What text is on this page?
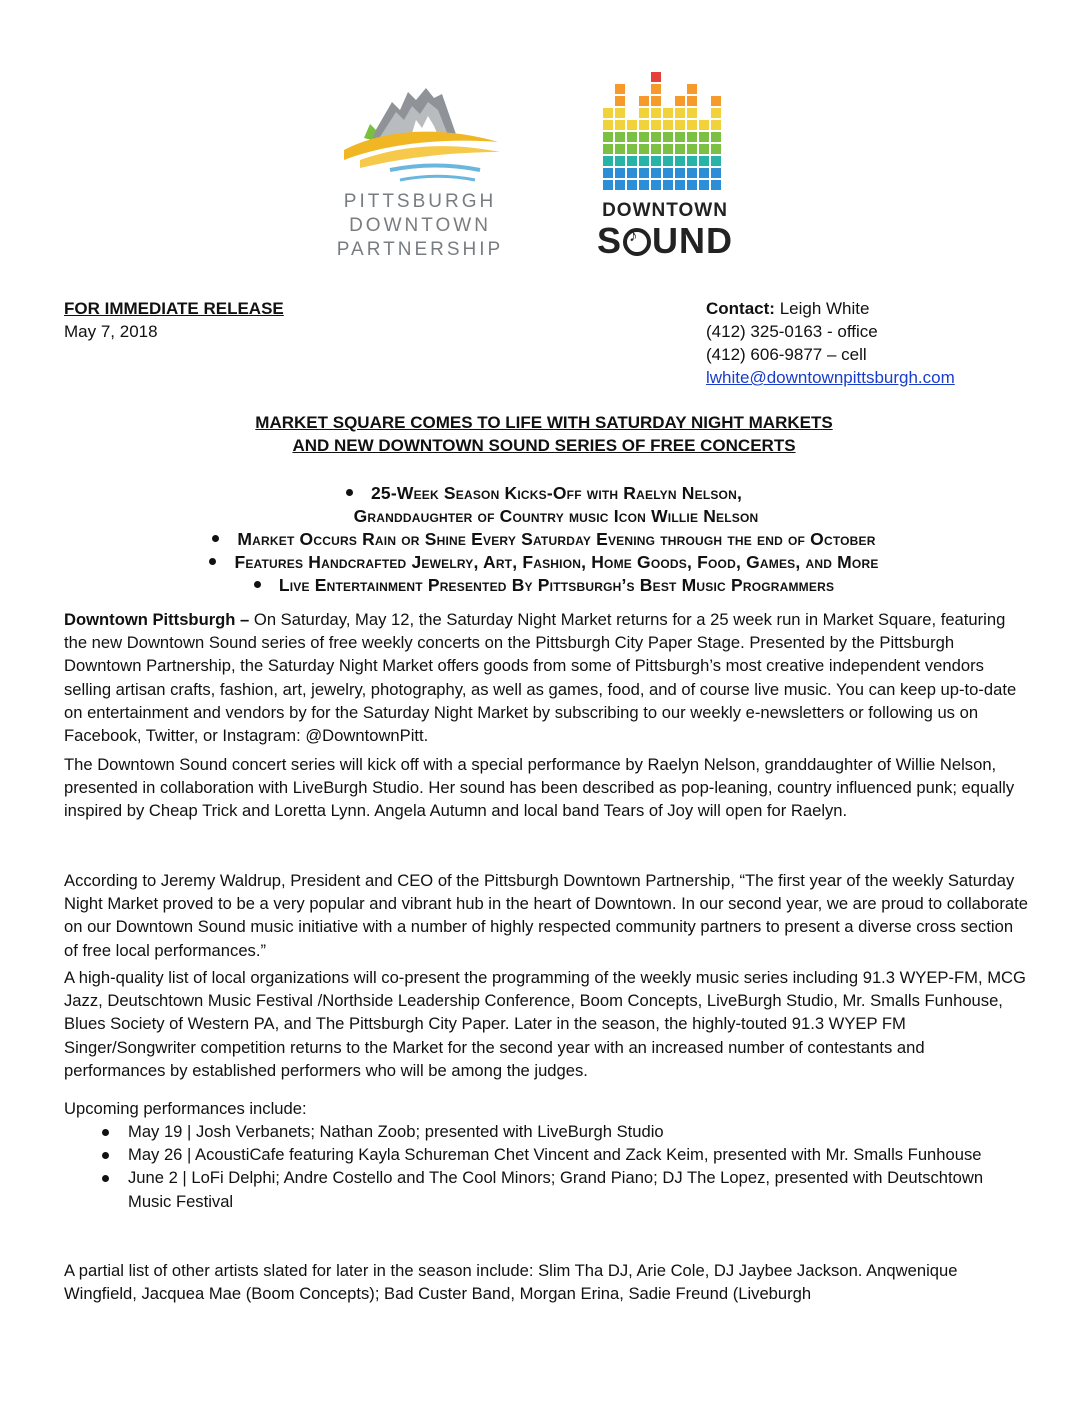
PITTSBURGH
DOWNTOWN
PARTNERSHIP
DOWNTOWN
S ♪ UND
FOR IMMEDIATE RELEASE
May 7, 2018
Contact: Leigh White
(412) 325-0163 - office
(412) 606-9877 – cell
lwhite@downtownpittsburgh.com
MARKET SQUARE COMES TO LIFE WITH SATURDAY NIGHT MARKETS
AND NEW DOWNTOWN SOUND SERIES OF FREE CONCERTS
25-Week Season Kicks-Off with Raelyn Nelson,
Granddaughter of Country music Icon Willie Nelson
Market Occurs Rain or Shine Every Saturday Evening through the end of October
Features Handcrafted Jewelry, Art, Fashion, Home Goods, Food, Games, and More
Live Entertainment Presented By Pittsburgh’s Best Music Programmers

Downtown Pittsburgh – On Saturday, May 12, the Saturday Night Market returns for a 25 week run in Market Square, featuring the new Downtown Sound series of free weekly concerts on the Pittsburgh City Paper Stage. Presented by the Pittsburgh Downtown Partnership, the Saturday Night Market offers goods from some of Pittsburgh’s most creative independent vendors selling artisan crafts, fashion, art, jewelry, photography, as well as games, food, and of course live music. You can keep up-to-date on entertainment and vendors by for the Saturday Night Market by subscribing to our weekly e-newsletters or following us on Facebook, Twitter, or Instagram: @DowntownPitt.

The Downtown Sound concert series will kick off with a special performance by Raelyn Nelson, granddaughter of Willie Nelson, presented in collaboration with LiveBurgh Studio. Her sound has been described as pop-leaning, country influenced punk; equally inspired by Cheap Trick and Loretta Lynn. Angela Autumn and local band Tears of Joy will open for Raelyn.

According to Jeremy Waldrup, President and CEO of the Pittsburgh Downtown Partnership, “The first year of the weekly Saturday Night Market proved to be a very popular and vibrant hub in the heart of Downtown. In our second year, we are proud to collaborate on our Downtown Sound music initiative with a number of highly respected community partners to present a diverse cross section of free local performances.”

A high-quality list of local organizations will co-present the programming of the weekly music series including 91.3 WYEP-FM, MCG Jazz, Deutschtown Music Festival /Northside Leadership Conference, Boom Concepts, LiveBurgh Studio, Mr. Smalls Funhouse, Blues Society of Western PA, and The Pittsburgh City Paper. Later in the season, the highly-touted 91.3 WYEP FM Singer/Songwriter competition returns to the Market for the second year with an increased number of contestants and performances by established performers who will be among the judges.

Upcoming performances include:

May 19 | Josh Verbanets; Nathan Zoob; presented with LiveBurgh Studio
May 26 | AcoustiCafe featuring Kayla Schureman Chet Vincent and Zack Keim, presented with Mr. Smalls Funhouse
June 2 | LoFi Delphi; Andre Costello and The Cool Minors; Grand Piano; DJ The Lopez, presented with Deutschtown Music Festival

A partial list of other artists slated for later in the season include: Slim Tha DJ, Arie Cole, DJ Jaybee Jackson. Anqwenique Wingfield, Jacquea Mae (Boom Concepts); Bad Custer Band, Morgan Erina, Sadie Freund (Liveburgh
